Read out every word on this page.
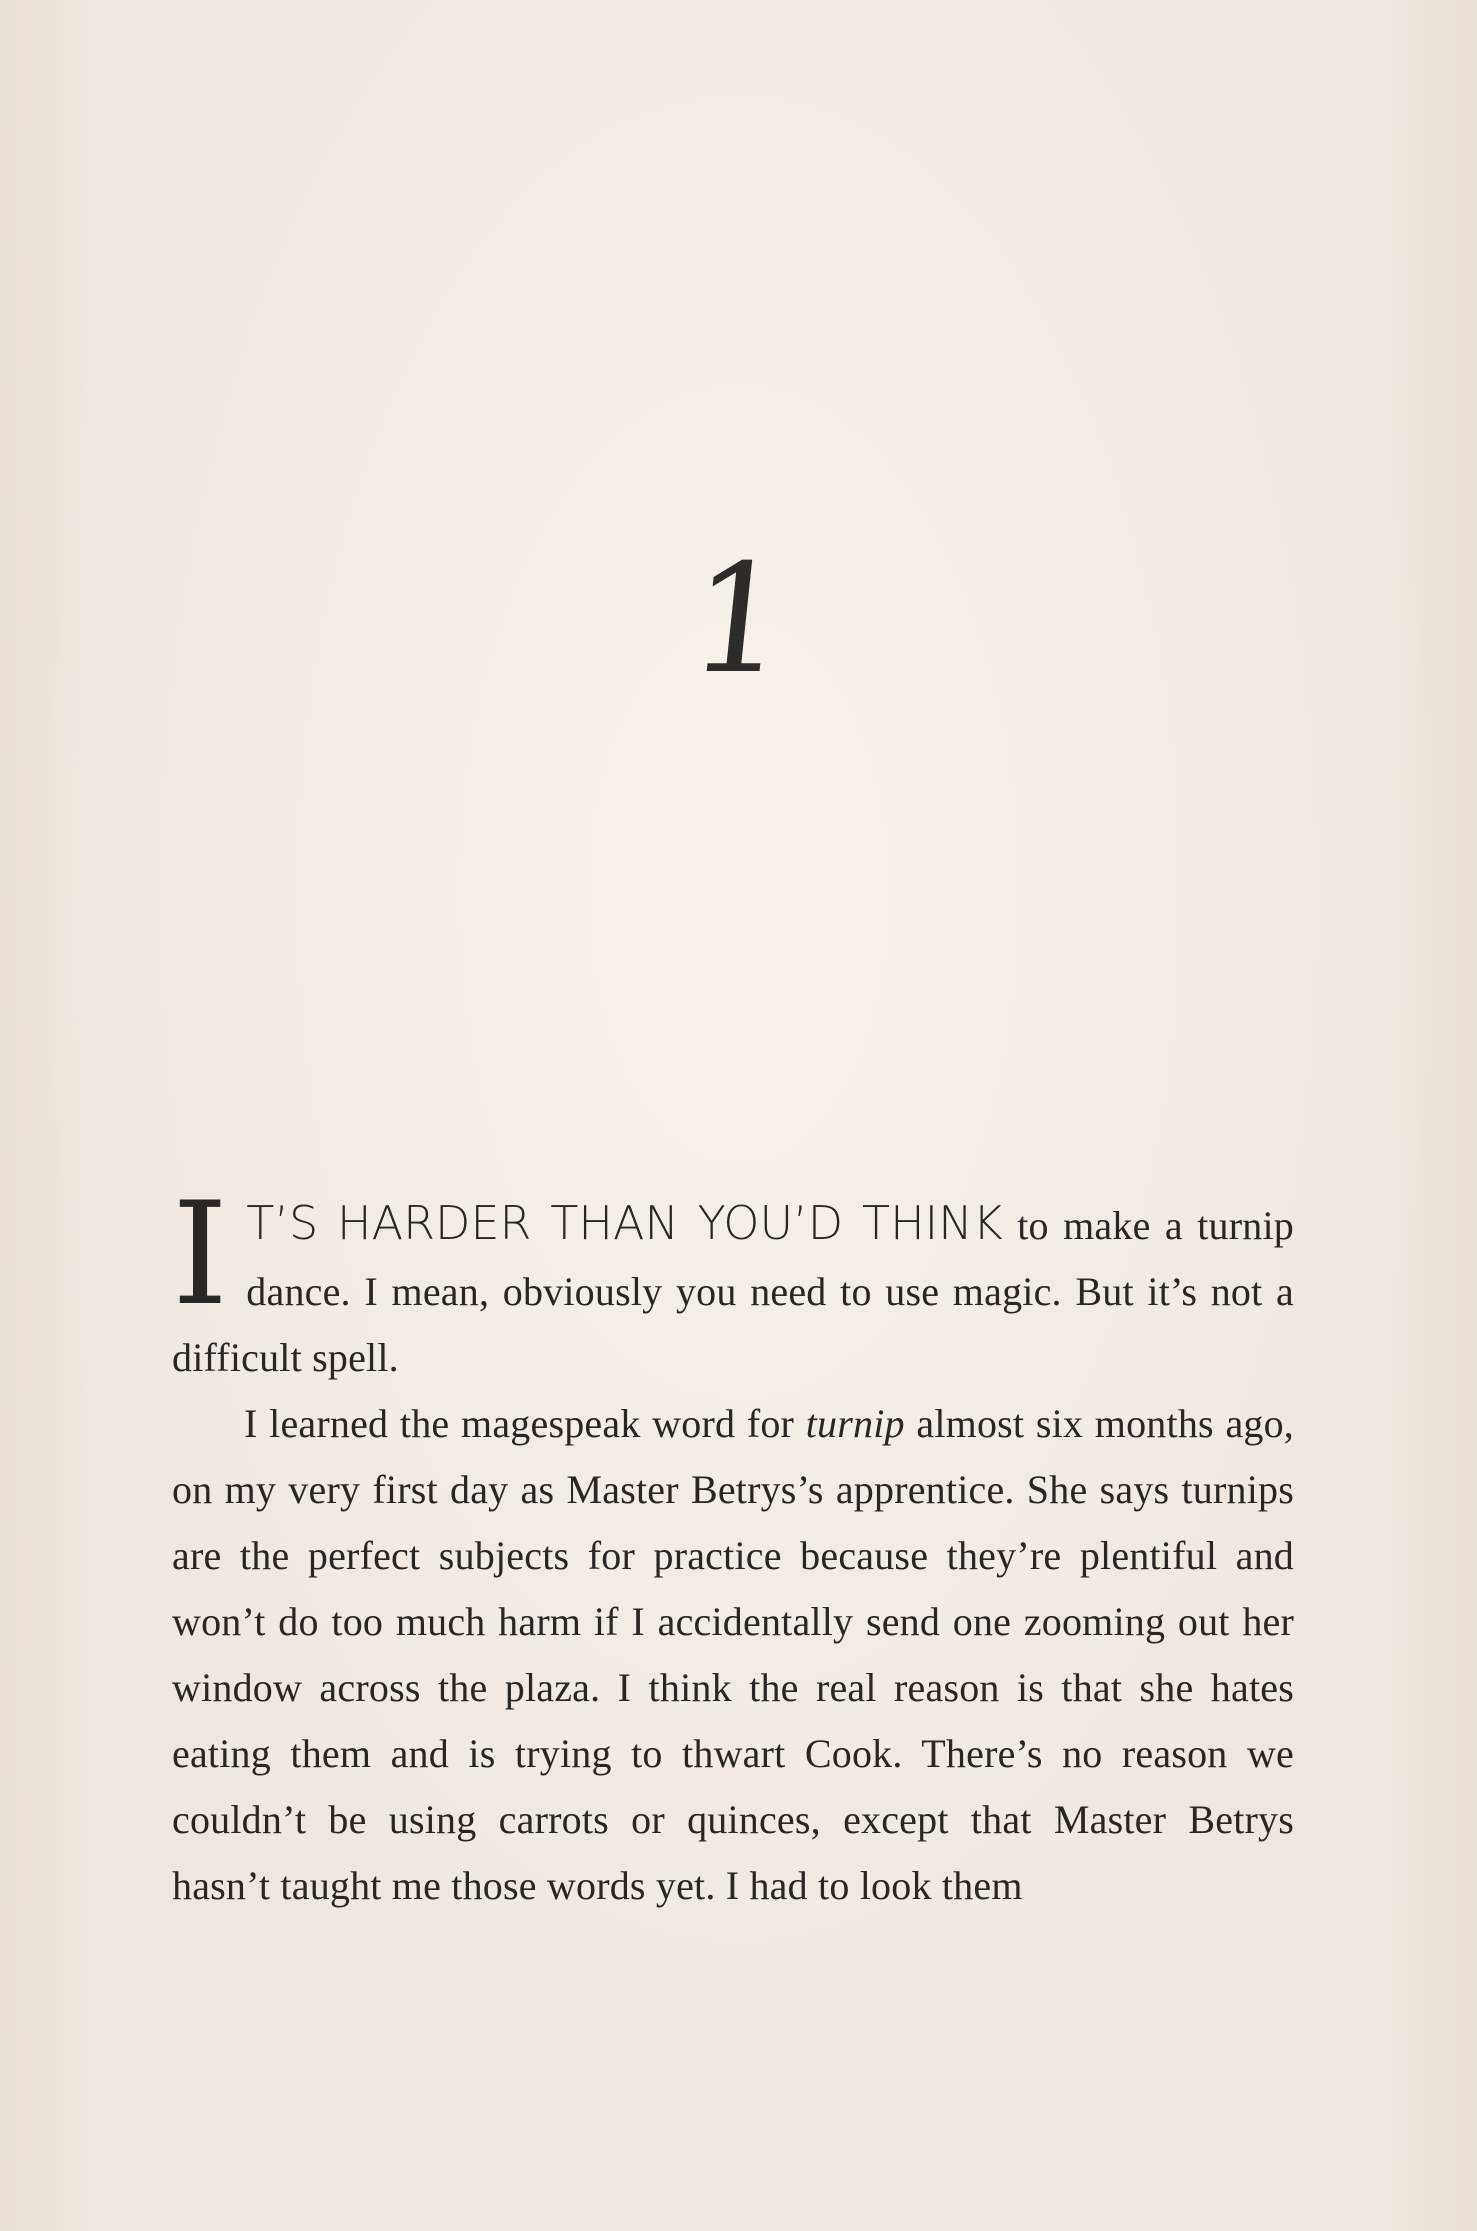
1

I T’S HARDER THAN YOU’D THINK to make a turnip dance. I mean, obviously you need to use magic. But it’s not a difficult spell.

I learned the magespeak word for turnip almost six months ago, on my very first day as Master Betrys’s apprentice. She says turnips are the perfect subjects for practice because they’re plentiful and won’t do too much harm if I accidentally send one zooming out her window across the plaza. I think the real reason is that she hates eating them and is trying to thwart Cook. There’s no reason we couldn’t be using carrots or quinces, except that Master Betrys hasn’t taught me those words yet. I had to look them
